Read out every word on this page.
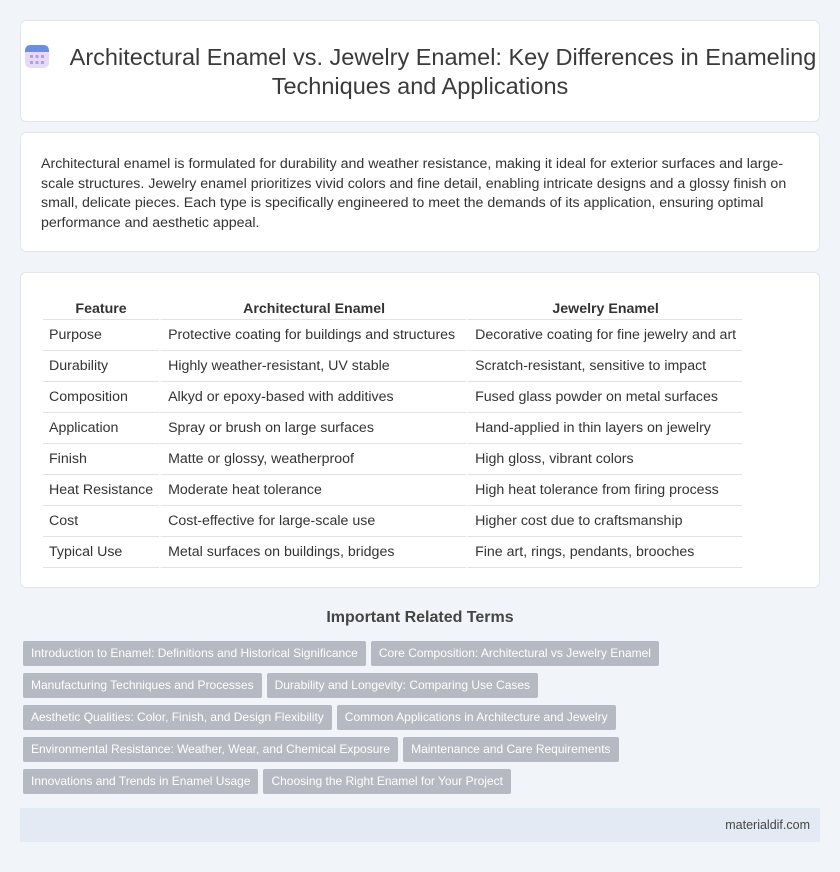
Architectural Enamel vs. Jewelry Enamel: Key Differences in Enameling Techniques and Applications

Architectural enamel is formulated for durability and weather resistance, making it ideal for exterior surfaces and large-scale structures. Jewelry enamel prioritizes vivid colors and fine detail, enabling intricate designs and a glossy finish on small, delicate pieces. Each type is specifically engineered to meet the demands of its application, ensuring optimal performance and aesthetic appeal.

Feature	Architectural Enamel	Jewelry Enamel
Purpose	Protective coating for buildings and structures	Decorative coating for fine jewelry and art
Durability	Highly weather-resistant, UV stable	Scratch-resistant, sensitive to impact
Composition	Alkyd or epoxy-based with additives	Fused glass powder on metal surfaces
Application	Spray or brush on large surfaces	Hand-applied in thin layers on jewelry
Finish	Matte or glossy, weatherproof	High gloss, vibrant colors
Heat Resistance	Moderate heat tolerance	High heat tolerance from firing process
Cost	Cost-effective for large-scale use	Higher cost due to craftsmanship
Typical Use	Metal surfaces on buildings, bridges	Fine art, rings, pendants, brooches
Important Related Terms
Introduction to Enamel: Definitions and Historical Significance Core Composition: Architectural vs Jewelry Enamel
Manufacturing Techniques and Processes Durability and Longevity: Comparing Use Cases
Aesthetic Qualities: Color, Finish, and Design Flexibility Common Applications in Architecture and Jewelry
Environmental Resistance: Weather, Wear, and Chemical Exposure Maintenance and Care Requirements
Innovations and Trends in Enamel Usage Choosing the Right Enamel for Your Project
materialdif.com
